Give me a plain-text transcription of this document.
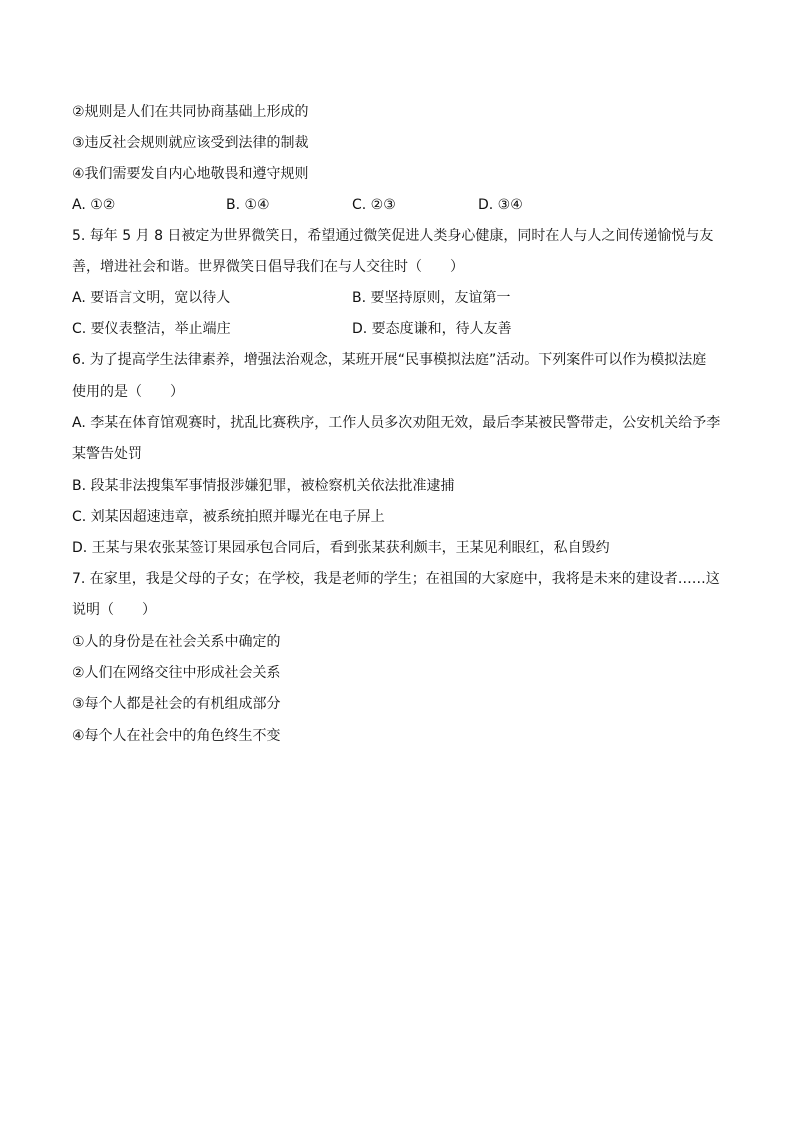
②规则是人们在共同协商基础上形成的
③违反社会规则就应该受到法律的制裁
④我们需要发自内心地敬畏和遵守规则
A. ①②	B. ①④	C. ②③	D. ③④
5. 每年 5 月 8 日被定为世界微笑日，希望通过微笑促进人类身心健康，同时在人与人之间传递愉悦与友
善，增进社会和谐。世界微笑日倡导我们在与人交往时（　　）
A. 要语言文明，宽以待人	B. 要坚持原则，友谊第一
C. 要仪表整洁，举止端庄	D. 要态度谦和，待人友善
6. 为了提高学生法律素养，增强法治观念，某班开展“民事模拟法庭”活动。下列案件可以作为模拟法庭
使用的是（　　）
A. 李某在体育馆观赛时，扰乱比赛秩序，工作人员多次劝阻无效，最后李某被民警带走，公安机关给予李
某警告处罚
B. 段某非法搜集军事情报涉嫌犯罪，被检察机关依法批准逮捕
C. 刘某因超速违章，被系统拍照并曝光在电子屏上
D. 王某与果农张某签订果园承包合同后，看到张某获利颇丰，王某见利眼红，私自毁约
7. 在家里，我是父母的子女；在学校，我是老师的学生；在祖国的大家庭中，我将是未来的建设者……这
说明（　　）
①人的身份是在社会关系中确定的
②人们在网络交往中形成社会关系
③每个人都是社会的有机组成部分
④每个人在社会中的角色终生不变
